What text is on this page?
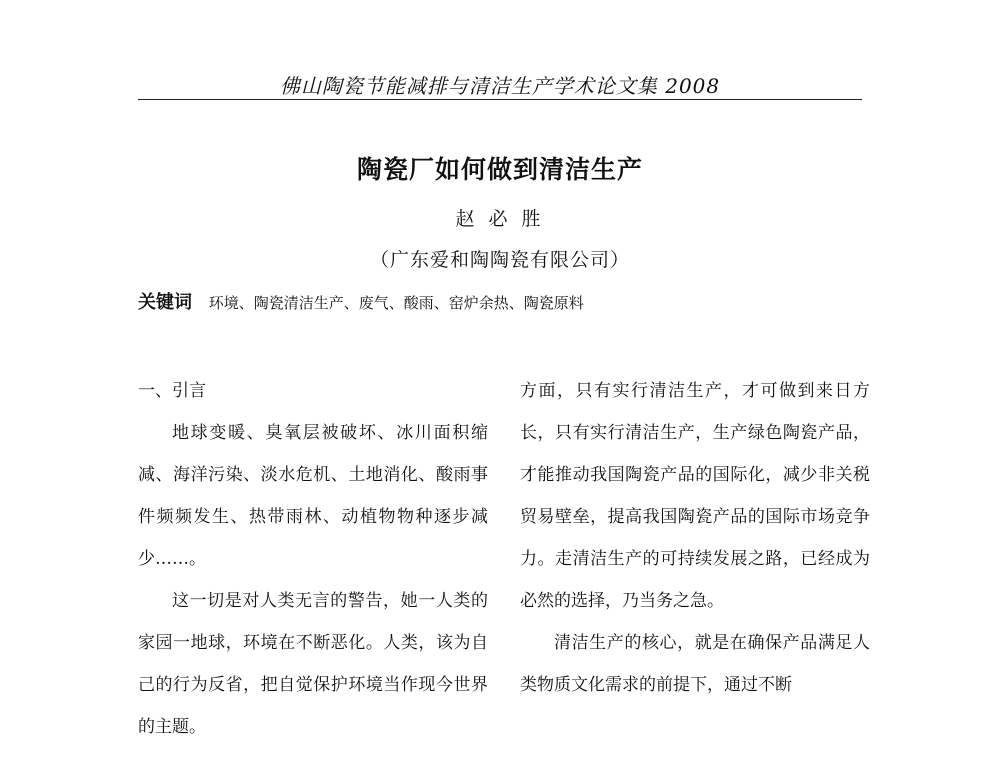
佛山陶瓷节能减排与清洁生产学术论文集 2008
陶瓷厂如何做到清洁生产
赵 必 胜
（广东爱和陶陶瓷有限公司）
关键词 环境、陶瓷清洁生产、废气、酸雨、窑炉余热、陶瓷原料

一、引言

地球变暖、臭氧层被破坏、冰川面积缩减、海洋污染、淡水危机、土地消化、酸雨事件频频发生、热带雨林、动植物物种逐步减少……。

这一切是对人类无言的警告，她一人类的家园一地球，环境在不断恶化。人类，该为自己的行为反省，把自觉保护环境当作现今世界的主题。

方面，只有实行清洁生产，才可做到来日方长，只有实行清洁生产，生产绿色陶瓷产品，才能推动我国陶瓷产品的国际化，减少非关税贸易壁垒，提高我国陶瓷产品的国际市场竞争力。走清洁生产的可持续发展之路，已经成为必然的选择，乃当务之急。

清洁生产的核心，就是在确保产品满足人类物质文化需求的前提下，通过不断
